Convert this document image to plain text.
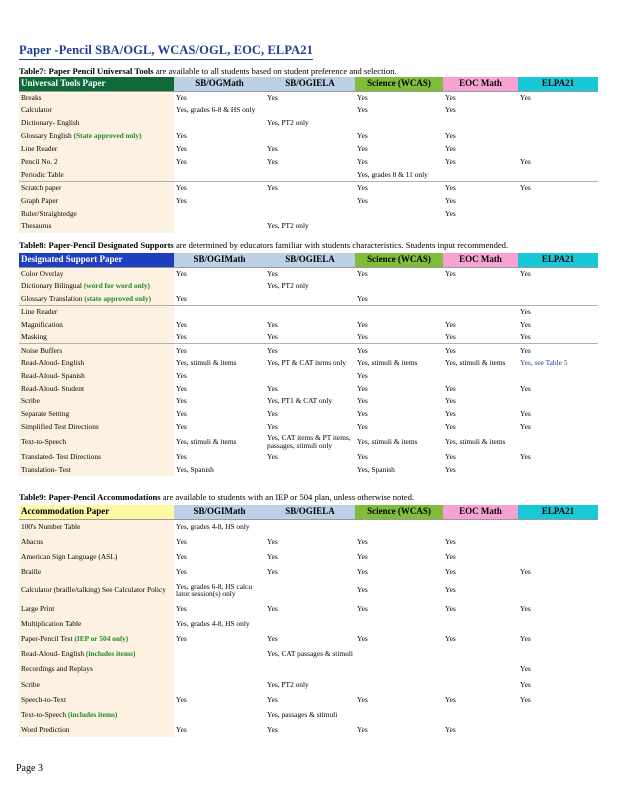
Paper -Pencil SBA/OGL, WCAS/OGL, EOC, ELPA21
Table7: Paper Pencil Universal Tools are available to all students based on student preference and selection.
Universal Tools Paper	SB/OGMath	SB/OGIELA	Science (WCAS)	EOC Math	ELPA21
Breaks	Yes	Yes	Yes	Yes	Yes
Calculator	Yes, grades 6-8 & HS only		Yes	Yes	
Dictionary- English		Yes, PT2 only			
Glossary English (State approved only)	Yes		Yes	Yes	
Line Reader	Yes	Yes	Yes	Yes	
Pencil No. 2	Yes	Yes	Yes	Yes	Yes
Periodic Table			Yes, grades 8 & 11 only		
Scratch paper	Yes	Yes	Yes	Yes	Yes
Graph Paper	Yes		Yes	Yes	
Ruler/Straightedge				Yes	
Thesaurus		Yes, PT2 only			
Table8: Paper-Pencil Designated Supports are determined by educators familiar with students characteristics. Students input recommended.
Designated Support Paper	SB/OGIMath	SB/OGIELA	Science (WCAS)	EOC Math	ELPA21
Color Overlay	Yes	Yes	Yes	Yes	Yes
Dictionary Bilingual (word for word only)		Yes, PT2 only			
Glossary Translation (state approved only)	Yes		Yes		
Line Reader					Yes
Magnification	Yes	Yes	Yes	Yes	Yes
Masking	Yes	Yes	Yes	Yes	Yes
Noise Buffers	Yes	Yes	Yes	Yes	Yes
Read-Aloud- English	Yes, stimuli & items	Yes, PT & CAT items only	Yes, stimuli & items	Yes, stimuli & items	Yes, see Table 5
Read-Aloud- Spanish	Yes		Yes		
Read-Aloud- Student	Yes	Yes	Yes	Yes	Yes
Scribe	Yes	Yes, PT1 & CAT only	Yes	Yes	
Separate Setting	Yes	Yes	Yes	Yes	Yes
Simplified Test Directions	Yes	Yes	Yes	Yes	Yes
Text-to-Speech	Yes, stimuli & items	Yes, CAT items & PT items, passages, stimuli only	Yes, stimuli & items	Yes, stimuli & items	
Translated- Test Directions	Yes	Yes	Yes	Yes	Yes
Translation- Test	Yes, Spanish		Yes, Spanish	Yes	
Table9: Paper-Pencil Accommodations are available to students with an IEP or 504 plan, unless otherwise noted.
Accommodation Paper	SB/OGIMath	SB/OGIELA	Science (WCAS)	EOC Math	ELPA21
100's Number Table	Yes, grades 4-8, HS only				
Abacus	Yes	Yes	Yes	Yes	
American Sign Language (ASL)	Yes	Yes	Yes	Yes	
Braille	Yes	Yes	Yes	Yes	Yes
Calculator (braille/talking) See Calculator Policy	Yes, grades 6-8, HS calcu lator session(s) only		Yes	Yes	
Large Print	Yes	Yes	Yes	Yes	Yes
Multiplication Table	Yes, grades 4-8, HS only				
Paper-Pencil Test (IEP or 504 only)	Yes	Yes	Yes	Yes	Yes
Read-Aloud- English (includes items)		Yes, CAT passages & stimuli			
Recordings and Replays					Yes
Scribe		Yes, PT2 only			Yes
Speech-to-Text	Yes	Yes	Yes	Yes	Yes
Text-to-Speech (includes items)		Yes, passages & stimuli			
Word Prediction	Yes	Yes	Yes	Yes	
Page 3
